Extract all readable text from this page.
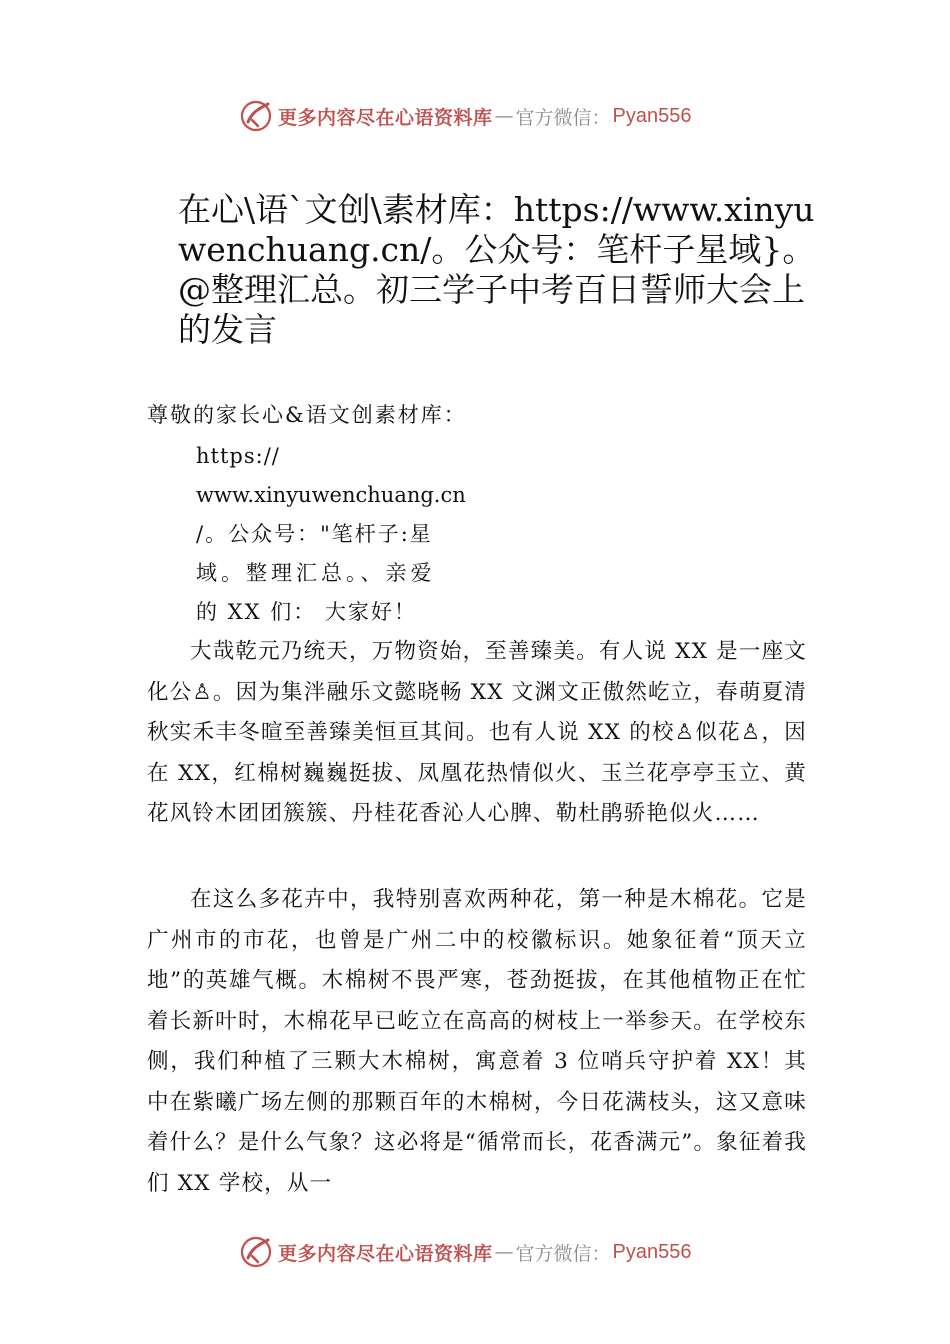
更多内容尽在心语资料库 — 官方微信： Pyan556
在心\语`文创\素材库：https://www.xinyuwenchuang.cn/。公众号：笔杆子星域}。@整理汇总。初三学子中考百日誓师大会上的发言
尊敬的家长心&语文创素材库：
https://
www.xinyuwenchuang.cn
/。公众号："笔杆子:星
域。整理汇总。、亲爱
的 XX 们： 大家好！

大哉乾元乃统天，万物资始，至善臻美。有人说 XX 是一座文化公♙。因为集泮融乐文懿晓畅 XX 文渊文正傲然屹立，春萌夏清秋实禾丰冬暄至善臻美恒亘其间。也有人说 XX 的校♙似花♙，因在 XX，红棉树巍巍挺拔、凤凰花热情似火、玉兰花亭亭玉立、黄花风铃木团团簇簇、丹桂花香沁人心脾、勒杜鹃骄艳似火……

在这么多花卉中，我特别喜欢两种花，第一种是木棉花。它是广州市的市花，也曾是广州二中的校徽标识。她象征着“顶天立地”的英雄气概。木棉树不畏严寒，苍劲挺拔，在其他植物正在忙着长新叶时，木棉花早已屹立在高高的树枝上一举参天。在学校东侧，我们种植了三颗大木棉树，寓意着 3 位哨兵守护着 XX！其中在紫曦广场左侧的那颗百年的木棉树，今日花满枝头，这又意味着什么？是什么气象？这必将是“循常而长，花香满元”。象征着我们 XX 学校，从一

更多内容尽在心语资料库 — 官方微信： Pyan556
